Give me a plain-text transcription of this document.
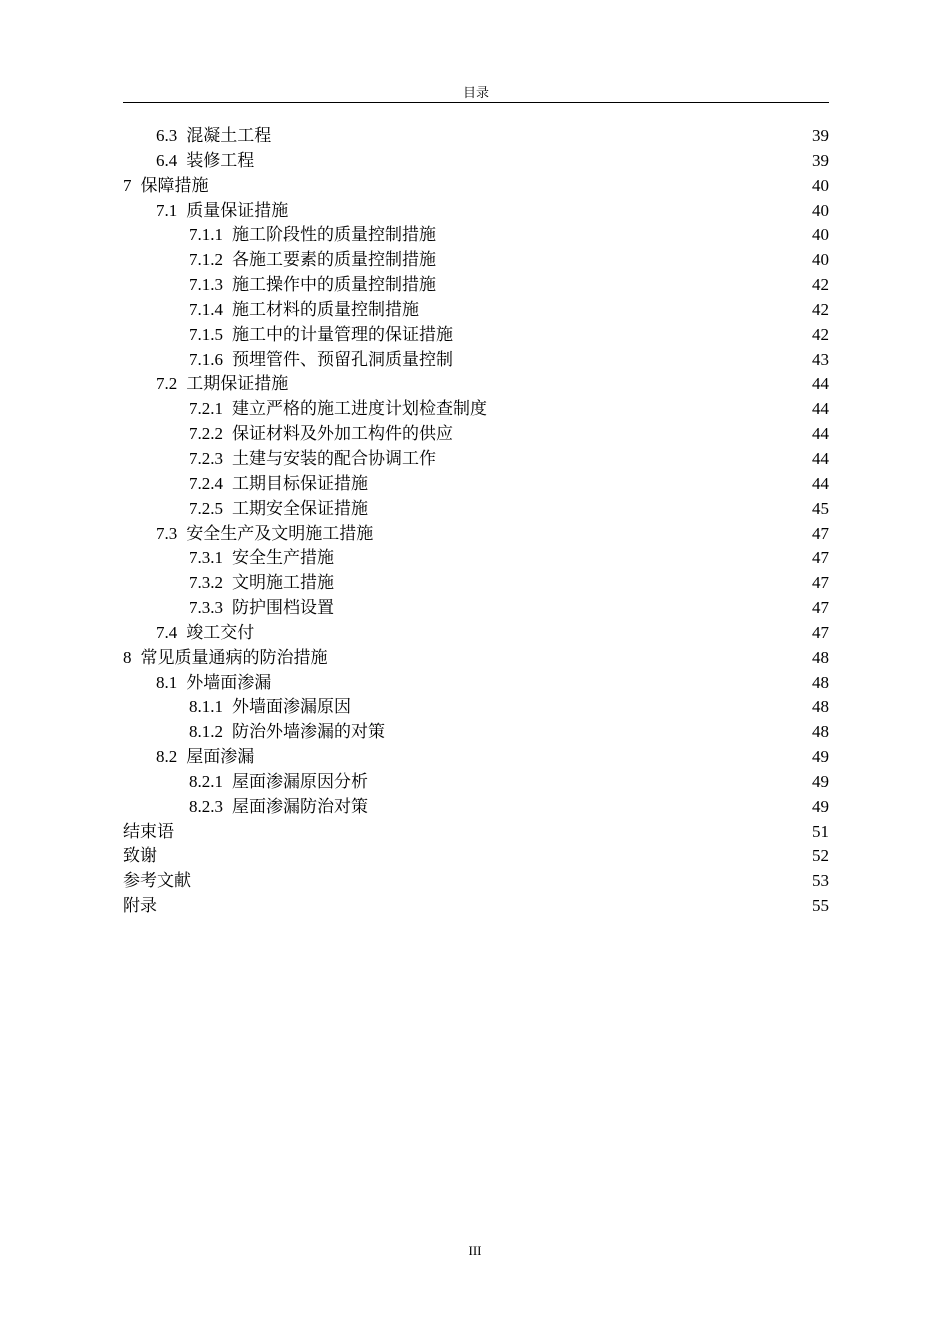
目录
6.3 混凝土工程	39
6.4 装修工程	39
7 保障措施	40
7.1 质量保证措施	40
7.1.1 施工阶段性的质量控制措施	40
7.1.2 各施工要素的质量控制措施	40
7.1.3 施工操作中的质量控制措施	42
7.1.4 施工材料的质量控制措施	42
7.1.5 施工中的计量管理的保证措施	42
7.1.6 预埋管件、预留孔洞质量控制	43
7.2 工期保证措施	44
7.2.1 建立严格的施工进度计划检查制度	44
7.2.2 保证材料及外加工构件的供应	44
7.2.3 土建与安装的配合协调工作	44
7.2.4 工期目标保证措施	44
7.2.5 工期安全保证措施	45
7.3 安全生产及文明施工措施	47
7.3.1 安全生产措施	47
7.3.2 文明施工措施	47
7.3.3 防护围档设置	47
7.4 竣工交付	47
8 常见质量通病的防治措施	48
8.1 外墙面渗漏	48
8.1.1 外墙面渗漏原因	48
8.1.2 防治外墙渗漏的对策	48
8.2 屋面渗漏	49
8.2.1 屋面渗漏原因分析	49
8.2.3 屋面渗漏防治对策	49
结束语	51
致谢	52
参考文献	53
附录	55
III
